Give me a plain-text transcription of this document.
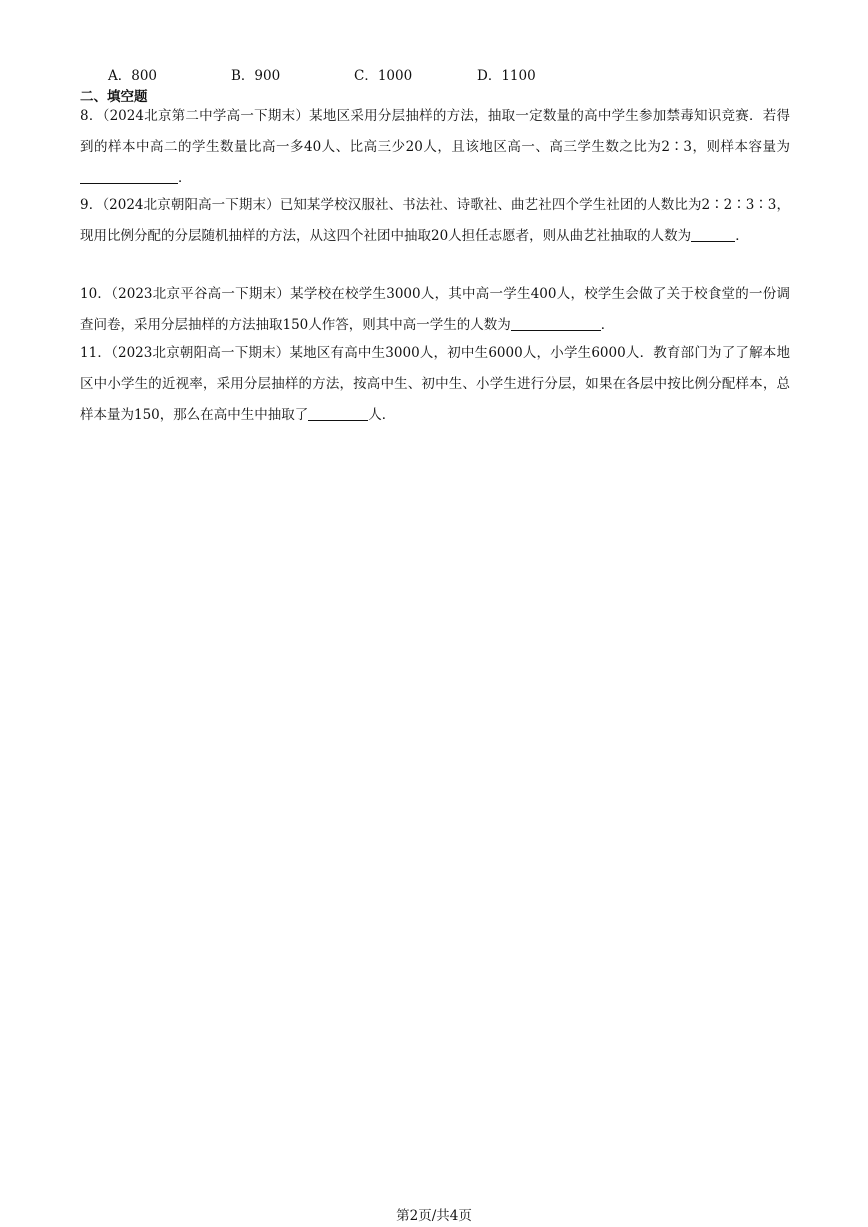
A．800	B．900	C．1000	D．1100
二、填空题
8．（2024北京第二中学高一下期末）某地区采用分层抽样的方法，抽取一定数量的高中学生参加禁毒知识竞赛．若得到的样本中高二的学生数量比高一多40人、比高三少20人，且该地区高一、高三学生数之比为2∶3，则样本容量为．
9．（2024北京朝阳高一下期末）已知某学校汉服社、书法社、诗歌社、曲艺社四个学生社团的人数比为2∶2∶3∶3，现用比例分配的分层随机抽样的方法，从这四个社团中抽取20人担任志愿者，则从曲艺社抽取的人数为	．
10．（2023北京平谷高一下期末）某学校在校学生3000人，其中高一学生400人，校学生会做了关于校食堂的一份调查问卷，采用分层抽样的方法抽取150人作答，则其中高一学生的人数为	．
11．（2023北京朝阳高一下期末）某地区有高中生3000人，初中生6000人，小学生6000人．教育部门为了了解本地区中小学生的近视率，采用分层抽样的方法，按高中生、初中生、小学生进行分层，如果在各层中按比例分配样本，总样本量为150，那么在高中生中抽取了	人．
第2页/共4页
